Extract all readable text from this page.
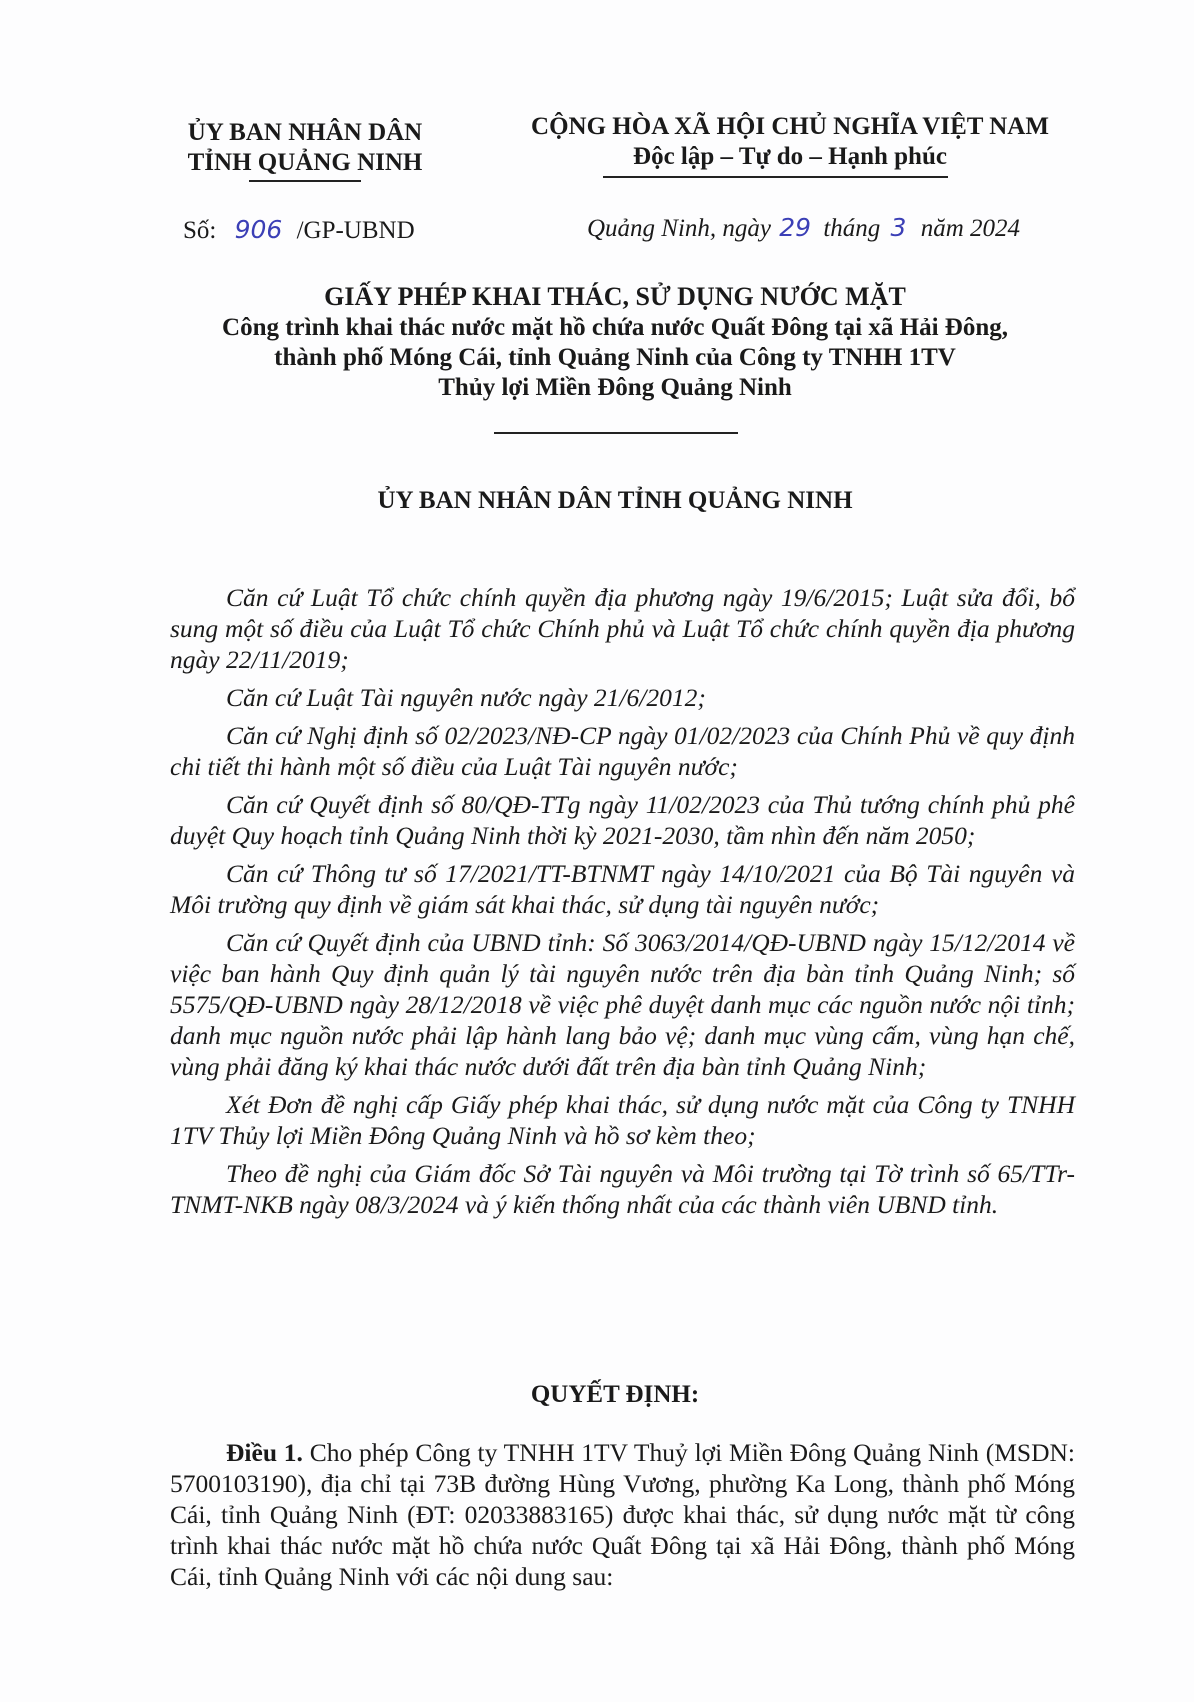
ỦY BAN NHÂN DÂN
TỈNH QUẢNG NINH
CỘNG HÒA XÃ HỘI CHỦ NGHĨA VIỆT NAM
Độc lập – Tự do – Hạnh phúc
Số: 906 /GP-UBND	Quảng Ninh, ngày 29 tháng 3 năm 2024
GIẤY PHÉP KHAI THÁC, SỬ DỤNG NƯỚC MẶT
Công trình khai thác nước mặt hồ chứa nước Quất Đông tại xã Hải Đông,
thành phố Móng Cái, tỉnh Quảng Ninh của Công ty TNHH 1TV
Thủy lợi Miền Đông Quảng Ninh
ỦY BAN NHÂN DÂN TỈNH QUẢNG NINH

Căn cứ Luật Tổ chức chính quyền địa phương ngày 19/6/2015; Luật sửa đổi, bổ sung một số điều của Luật Tổ chức Chính phủ và Luật Tổ chức chính quyền địa phương ngày 22/11/2019;

Căn cứ Luật Tài nguyên nước ngày 21/6/2012;

Căn cứ Nghị định số 02/2023/NĐ-CP ngày 01/02/2023 của Chính Phủ về quy định chi tiết thi hành một số điều của Luật Tài nguyên nước;

Căn cứ Quyết định số 80/QĐ-TTg ngày 11/02/2023 của Thủ tướng chính phủ phê duyệt Quy hoạch tỉnh Quảng Ninh thời kỳ 2021-2030, tầm nhìn đến năm 2050;

Căn cứ Thông tư số 17/2021/TT-BTNMT ngày 14/10/2021 của Bộ Tài nguyên và Môi trường quy định về giám sát khai thác, sử dụng tài nguyên nước;

Căn cứ Quyết định của UBND tỉnh: Số 3063/2014/QĐ-UBND ngày 15/12/2014 về việc ban hành Quy định quản lý tài nguyên nước trên địa bàn tỉnh Quảng Ninh; số 5575/QĐ-UBND ngày 28/12/2018 về việc phê duyệt danh mục các nguồn nước nội tỉnh; danh mục nguồn nước phải lập hành lang bảo vệ; danh mục vùng cấm, vùng hạn chế, vùng phải đăng ký khai thác nước dưới đất trên địa bàn tỉnh Quảng Ninh;

Xét Đơn đề nghị cấp Giấy phép khai thác, sử dụng nước mặt của Công ty TNHH 1TV Thủy lợi Miền Đông Quảng Ninh và hồ sơ kèm theo;

Theo đề nghị của Giám đốc Sở Tài nguyên và Môi trường tại Tờ trình số 65/TTr-TNMT-NKB ngày 08/3/2024 và ý kiến thống nhất của các thành viên UBND tỉnh.

QUYẾT ĐỊNH:

Điều 1. Cho phép Công ty TNHH 1TV Thuỷ lợi Miền Đông Quảng Ninh (MSDN: 5700103190), địa chỉ tại 73B đường Hùng Vương, phường Ka Long, thành phố Móng Cái, tỉnh Quảng Ninh (ĐT: 02033883165) được khai thác, sử dụng nước mặt từ công trình khai thác nước mặt hồ chứa nước Quất Đông tại xã Hải Đông, thành phố Móng Cái, tỉnh Quảng Ninh với các nội dung sau:
